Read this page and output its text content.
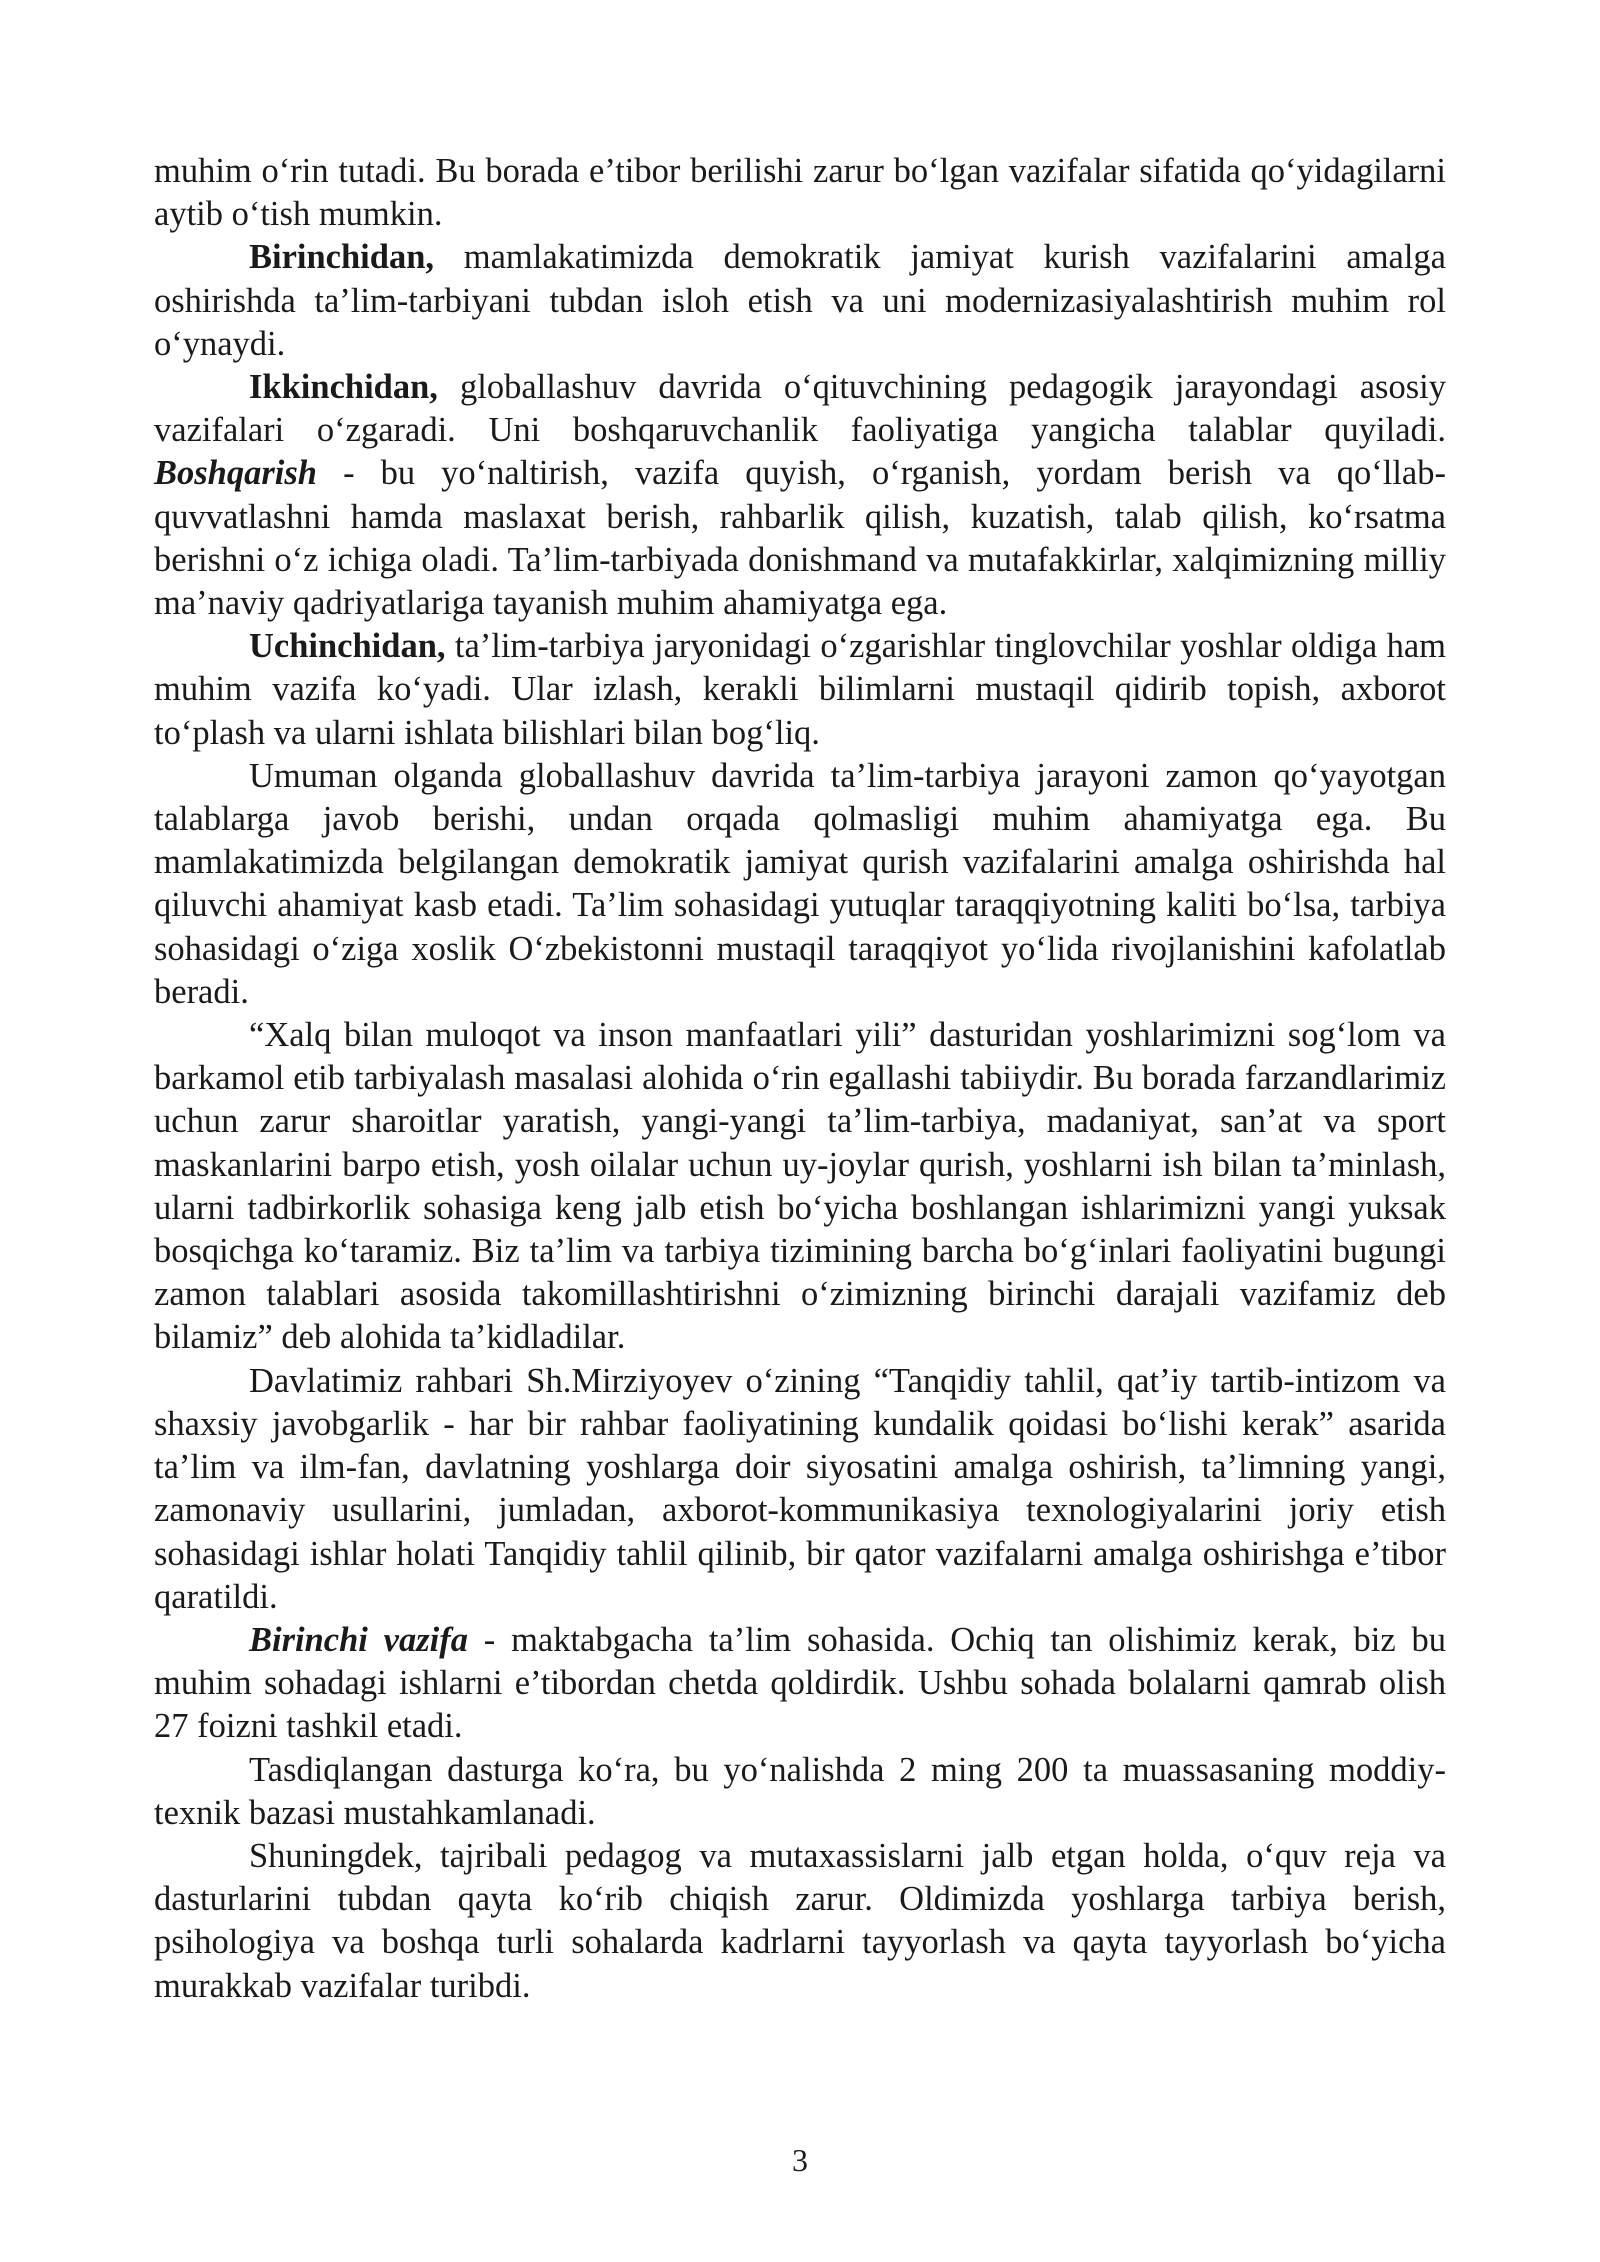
muhim o‘rin tutadi. Bu borada e’tibor berilishi zarur bo‘lgan vazifalar sifatida qo‘yidagilarni aytib o‘tish mumkin.

Birinchidan, mamlakatimizda demokratik jamiyat kurish vazifalarini amalga oshirishda ta’lim-tarbiyani tubdan isloh etish va uni modernizasiyalashtirish muhim rol o‘ynaydi.

Ikkinchidan, globallashuv davrida o‘qituvchining pedagogik jarayondagi asosiy vazifalari o‘zgaradi. Uni boshqaruvchanlik faoliyatiga yangicha talablar quyiladi. Boshqarish - bu yo‘naltirish, vazifa quyish, o‘rganish, yordam berish va qo‘llab-quvvatlashni hamda maslaxat berish, rahbarlik qilish, kuzatish, talab qilish, ko‘rsatma berishni o‘z ichiga oladi. Ta’lim-tarbiyada donishmand va mutafakkirlar, xalqimizning milliy ma’naviy qadriyatlariga tayanish muhim ahamiyatga ega.

Uchinchidan, ta’lim-tarbiya jaryonidagi o‘zgarishlar tinglovchilar yoshlar oldiga ham muhim vazifa ko‘yadi. Ular izlash, kerakli bilimlarni mustaqil qidirib topish, axborot to‘plash va ularni ishlata bilishlari bilan bog‘liq.

Umuman olganda globallashuv davrida ta’lim-tarbiya jarayoni zamon qo‘yayotgan talablarga javob berishi, undan orqada qolmasligi muhim ahamiyatga ega. Bu mamlakatimizda belgilangan demokratik jamiyat qurish vazifalarini amalga oshirishda hal qiluvchi ahamiyat kasb etadi. Ta’lim sohasidagi yutuqlar taraqqiyotning kaliti bo‘lsa, tarbiya sohasidagi o‘ziga xoslik O‘zbekistonni mustaqil taraqqiyot yo‘lida rivojlanishini kafolatlab beradi.

“Xalq bilan muloqot va inson manfaatlari yili” dasturidan yoshlarimizni sog‘lom va barkamol etib tarbiyalash masalasi alohida o‘rin egallashi tabiiydir. Bu borada farzandlarimiz uchun zarur sharoitlar yaratish, yangi-yangi ta’lim-tarbiya, madaniyat, san’at va sport maskanlarini barpo etish, yosh oilalar uchun uy-joylar qurish, yoshlarni ish bilan ta’minlash, ularni tadbirkorlik sohasiga keng jalb etish bo‘yicha boshlangan ishlarimizni yangi yuksak bosqichga ko‘taramiz. Biz ta’lim va tarbiya tizimining barcha bo‘g‘inlari faoliyatini bugungi zamon talablari asosida takomillashtirishni o‘zimizning birinchi darajali vazifamiz deb bilamiz” deb alohida ta’kidladilar.

Davlatimiz rahbari Sh.Mirziyoyev o‘zining “Tanqidiy tahlil, qat’iy tartib-intizom va shaxsiy javobgarlik - har bir rahbar faoliyatining kundalik qoidasi bo‘lishi kerak” asarida ta’lim va ilm-fan, davlatning yoshlarga doir siyosatini amalga oshirish, ta’limning yangi, zamonaviy usullarini, jumladan, axborot-kommunikasiya texnologiyalarini joriy etish sohasidagi ishlar holati Tanqidiy tahlil qilinib, bir qator vazifalarni amalga oshirishga e’tibor qaratildi.

Birinchi vazifa - maktabgacha ta’lim sohasida. Ochiq tan olishimiz kerak, biz bu muhim sohadagi ishlarni e’tibordan chetda qoldirdik. Ushbu sohada bolalarni qamrab olish 27 foizni tashkil etadi.

Tasdiqlangan dasturga ko‘ra, bu yo‘nalishda 2 ming 200 ta muassasaning moddiy-texnik bazasi mustahkamlanadi.

Shuningdek, tajribali pedagog va mutaxassislarni jalb etgan holda, o‘quv reja va dasturlarini tubdan qayta ko‘rib chiqish zarur. Oldimizda yoshlarga tarbiya berish, psihologiya va boshqa turli sohalarda kadrlarni tayyorlash va qayta tayyorlash bo‘yicha murakkab vazifalar turibdi.

3
